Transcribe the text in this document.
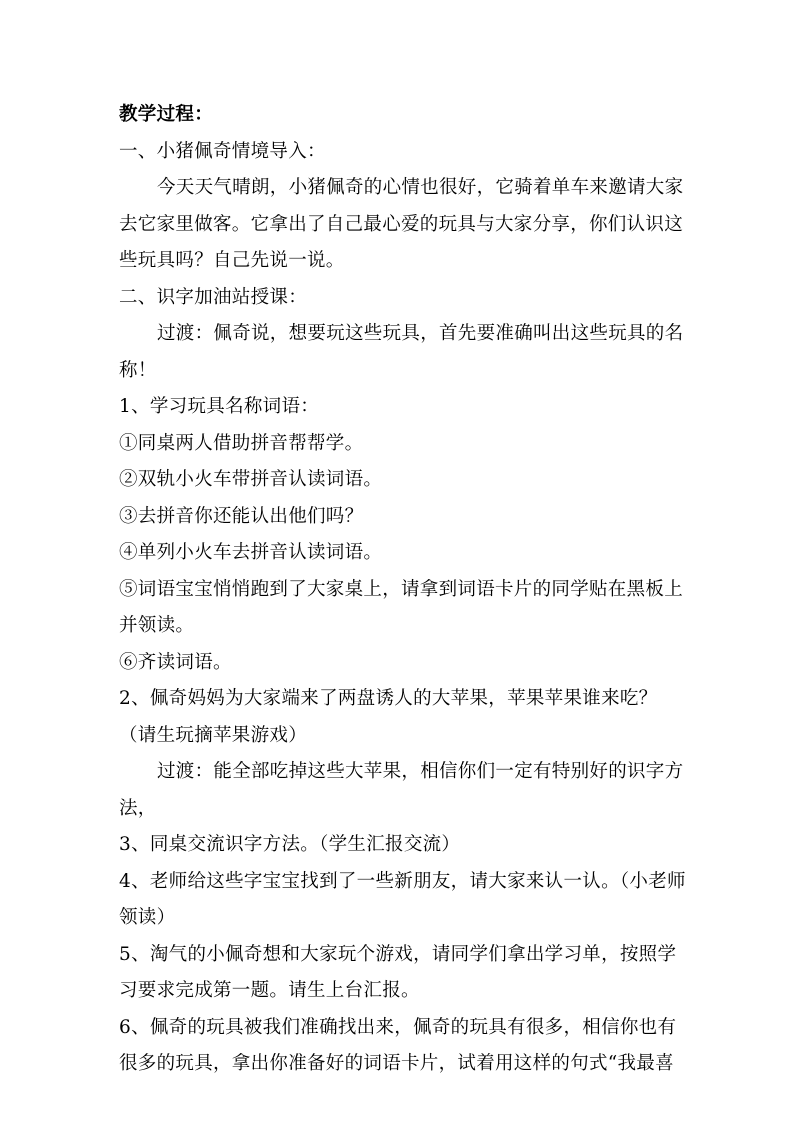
教学过程：
一、小猪佩奇情境导入：
今天天气晴朗，小猪佩奇的心情也很好，它骑着单车来邀请大家
去它家里做客。它拿出了自己最心爱的玩具与大家分享，你们认识这
些玩具吗？自己先说一说。
二、识字加油站授课：
过渡：佩奇说，想要玩这些玩具，首先要准确叫出这些玩具的名
称！
1、学习玩具名称词语：
①同桌两人借助拼音帮帮学。
②双轨小火车带拼音认读词语。
③去拼音你还能认出他们吗？
④单列小火车去拼音认读词语。
⑤词语宝宝悄悄跑到了大家桌上，请拿到词语卡片的同学贴在黑板上
并领读。
⑥齐读词语。
2、佩奇妈妈为大家端来了两盘诱人的大苹果，苹果苹果谁来吃？
（请生玩摘苹果游戏）
过渡：能全部吃掉这些大苹果，相信你们一定有特别好的识字方
法，
3、同桌交流识字方法。（学生汇报交流）
4、老师给这些字宝宝找到了一些新朋友，请大家来认一认。（小老师
领读）
5、淘气的小佩奇想和大家玩个游戏，请同学们拿出学习单，按照学
习要求完成第一题。请生上台汇报。
6、佩奇的玩具被我们准确找出来，佩奇的玩具有很多，相信你也有
很多的玩具，拿出你准备好的词语卡片，试着用这样的句式“我最喜
